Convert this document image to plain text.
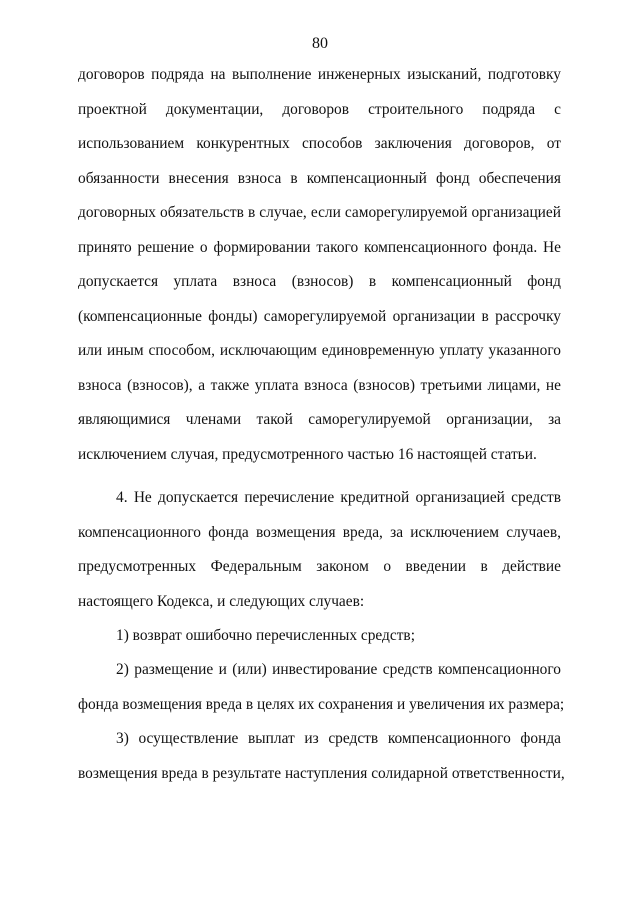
80

договоров подряда на выполнение инженерных изысканий, подготовку
проектной документации, договоров строительного подряда с
использованием конкурентных способов заключения договоров, от
обязанности внесения взноса в компенсационный фонд обеспечения
договорных обязательств в случае, если саморегулируемой организацией
принято решение о формировании такого компенсационного фонда. Не
допускается уплата взноса (взносов) в компенсационный фонд
(компенсационные фонды) саморегулируемой организации в рассрочку
или иным способом, исключающим единовременную уплату указанного
взноса (взносов), а также уплата взноса (взносов) третьими лицами, не
являющимися членами такой саморегулируемой организации, за
исключением случая, предусмотренного частью 16 настоящей статьи.

4. Не допускается перечисление кредитной организацией средств
компенсационного фонда возмещения вреда, за исключением случаев,
предусмотренных Федеральным законом о введении в действие
настоящего Кодекса, и следующих случаев:

1) возврат ошибочно перечисленных средств;

2) размещение и (или) инвестирование средств компенсационного
фонда возмещения вреда в целях их сохранения и увеличения их размера;

3) осуществление выплат из средств компенсационного фонда
возмещения вреда в результате наступления солидарной ответственности,
